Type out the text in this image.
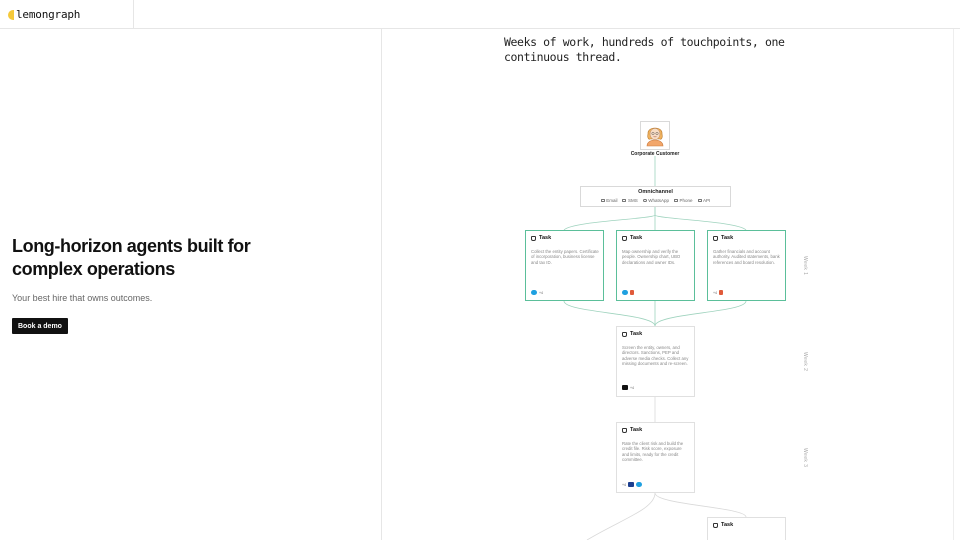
lemongraph
Long-horizon agents built for complex operations

Your best hire that owns outcomes.

Book a demo

Weeks of work, hundreds of touchpoints, one continuous thread.

Corporate Customer
Omnichannel
Email SMS WhatsApp Phone API
Task
Collect the entity papers. Certificate of incorporation, business license and tax ID.
+4
Task
Map ownership and verify the people. Ownership chart, UBO declarations and owner IDs.
Task
Gather financials and account authority. Audited statements, bank references and board resolution.
+4
Task
Screen the entity, owners, and directors. Sanctions, PEP and adverse media checks. Collect any missing documents and re-screen.
+4
Task
Rate the client risk and build the credit file. Risk score, exposure and limits, ready for the credit committee.
+4
Task
Week 1
Week 2
Week 3
